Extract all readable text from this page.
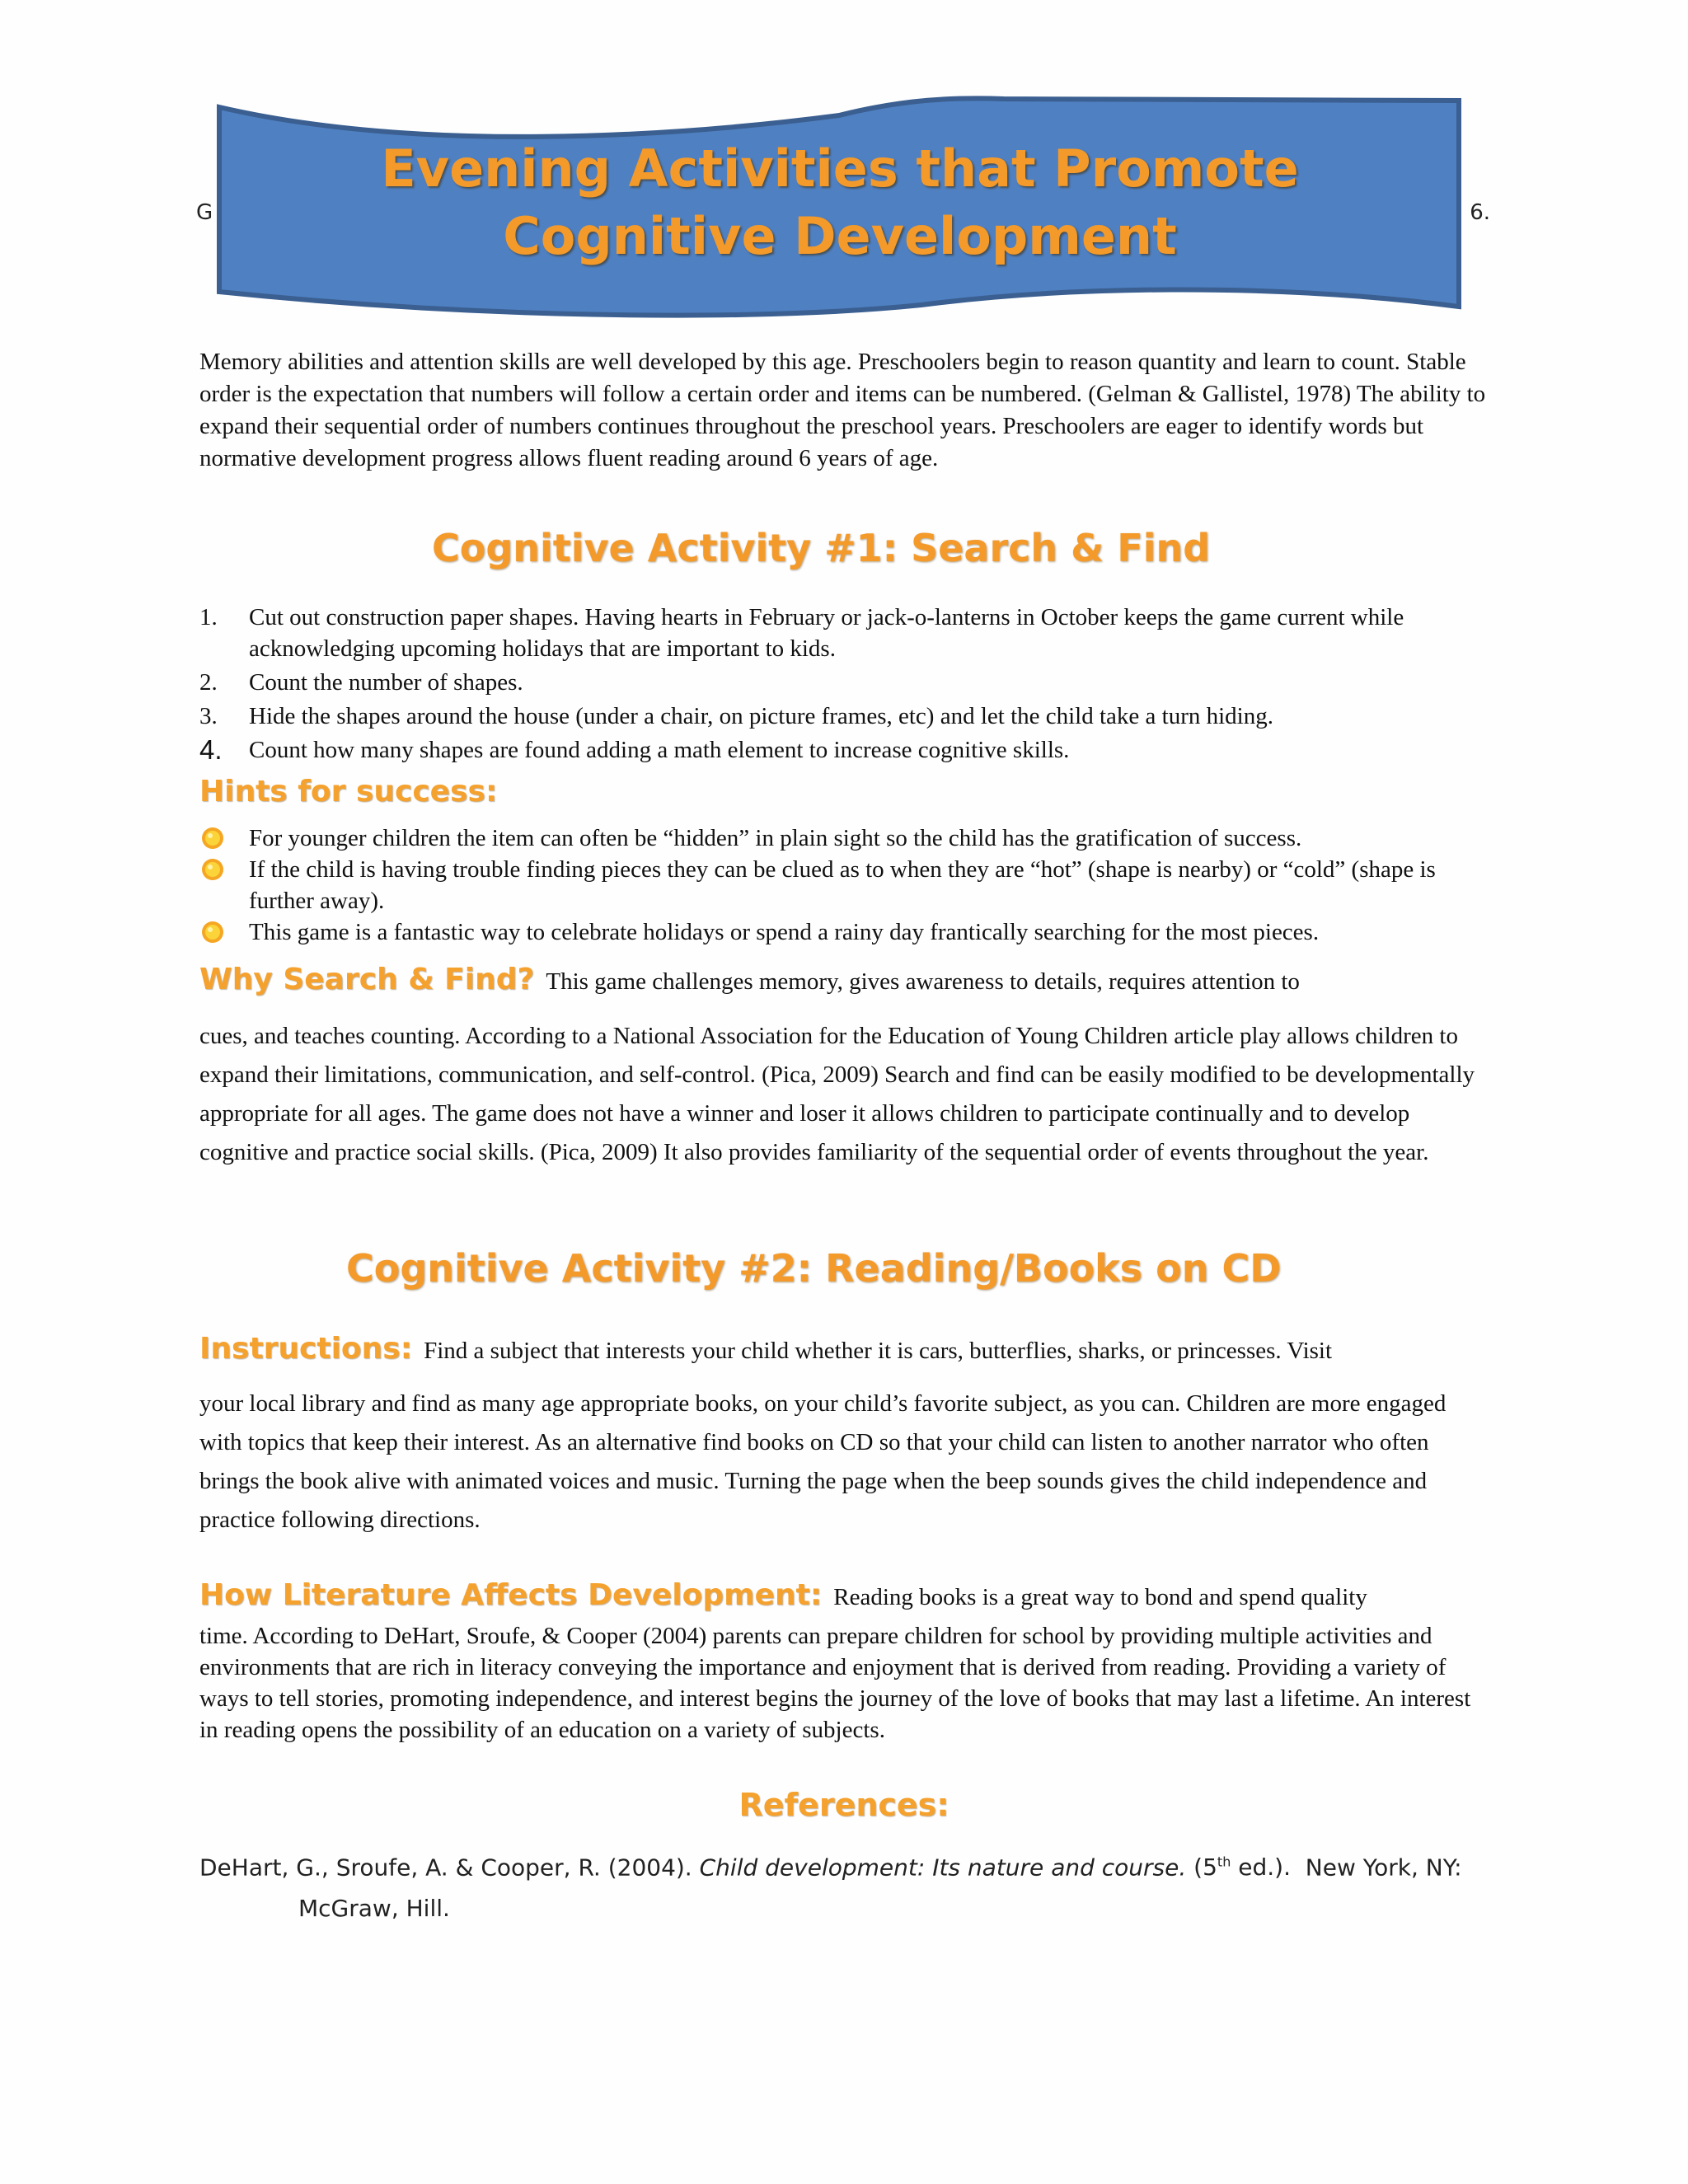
G	6.
Evening Activities that Promote
Cognitive Development

Memory abilities and attention skills are well developed by this age. Preschoolers begin to reason quantity and learn to count. Stable order is the expectation that numbers will follow a certain order and items can be numbered. (Gelman & Gallistel, 1978) The ability to expand their sequential order of numbers continues throughout the preschool years. Preschoolers are eager to identify words but normative development progress allows fluent reading around 6 years of age.

Cognitive Activity #1: Search & Find
1. Cut out construction paper shapes. Having hearts in February or jack-o-lanterns in October keeps the game current while acknowledging upcoming holidays that are important to kids.
2. Count the number of shapes.
3. Hide the shapes around the house (under a chair, on picture frames, etc) and let the child take a turn hiding.
4. Count how many shapes are found adding a math element to increase cognitive skills.
Hints for success:
For younger children the item can often be “hidden” in plain sight so the child has the gratification of success.
If the child is having trouble finding pieces they can be clued as to when they are “hot” (shape is nearby) or “cold” (shape is further away).
This game is a fantastic way to celebrate holidays or spend a rainy day frantically searching for the most pieces.

Why Search & Find? This game challenges memory, gives awareness to details, requires attention to
cues, and teaches counting. According to a National Association for the Education of Young Children article play allows children to expand their limitations, communication, and self-control. (Pica, 2009) Search and find can be easily modified to be developmentally appropriate for all ages. The game does not have a winner and loser it allows children to participate continually and to develop cognitive and practice social skills. (Pica, 2009) It also provides familiarity of the sequential order of events throughout the year.

Cognitive Activity #2: Reading/Books on CD

Instructions: Find a subject that interests your child whether it is cars, butterflies, sharks, or princesses. Visit
your local library and find as many age appropriate books, on your child’s favorite subject, as you can. Children are more engaged with topics that keep their interest. As an alternative find books on CD so that your child can listen to another narrator who often brings the book alive with animated voices and music. Turning the page when the beep sounds gives the child independence and practice following directions.

How Literature Affects Development: Reading books is a great way to bond and spend quality
time. According to DeHart, Sroufe, & Cooper (2004) parents can prepare children for school by providing multiple activities and environments that are rich in literacy conveying the importance and enjoyment that is derived from reading. Providing a variety of ways to tell stories, promoting independence, and interest begins the journey of the love of books that may last a lifetime. An interest in reading opens the possibility of an education on a variety of subjects.

References:
DeHart, G., Sroufe, A. & Cooper, R. (2004). Child development: Its nature and course. (5th ed.). New York, NY:
McGraw, Hill.
